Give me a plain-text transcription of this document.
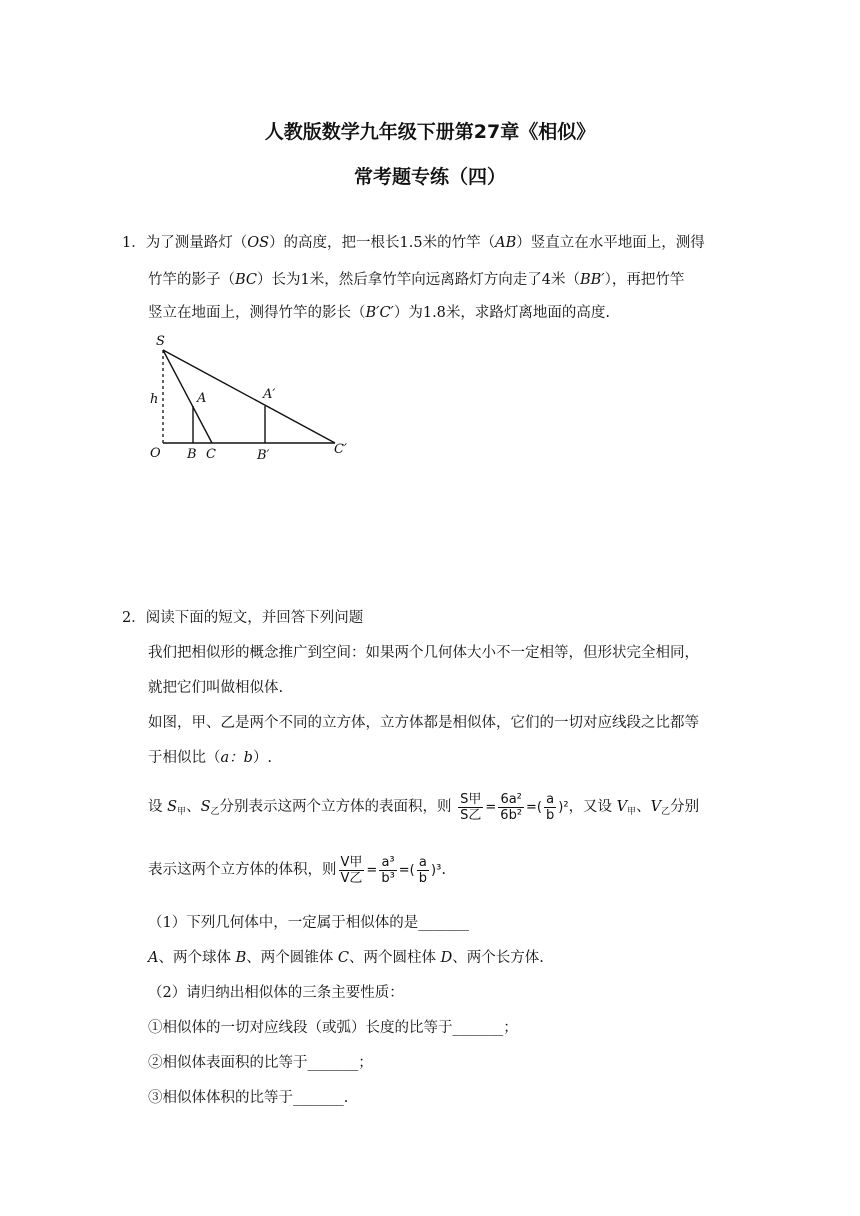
人教版数学九年级下册第27章《相似》
常考题专练（四）
1．为了测量路灯（OS）的高度，把一根长1.5米的竹竿（AB）竖直立在水平地面上，测得
竹竿的影子（BC）长为1米，然后拿竹竿向远离路灯方向走了4米（BB′），再把竹竿
竖立在地面上，测得竹竿的影长（B′C′）为1.8米，求路灯离地面的高度.
S
h	A	A′
O B C	B′	C′
2．阅读下面的短文，并回答下列问题
我们把相似形的概念推广到空间：如果两个几何体大小不一定相等，但形状完全相同，
就把它们叫做相似体.
如图，甲、乙是两个不同的立方体，立方体都是相似体，它们的一切对应线段之比都等
于相似比（a：b）.
设 $S_甲$、$S_乙$分别表示这两个立方体的表面积，则 $\frac{\text{S甲}}{\text{S乙}} = \frac{\text{6a²}}{\text{6b²}}$ =( $\frac{a}{b} )^2$，又设 $V_甲$、$V_乙$分别
表示这两个立方体的体积，则 $\frac{\text{V甲}}{\text{V乙}} = \frac{\text{a³}}{\text{b³}}$ =( $\frac{a}{b} )^3$.
（1）下列几何体中，一定属于相似体的是_______
A、两个球体 B、两个圆锥体 C、两个圆柱体 D、两个长方体.
（2）请归纳出相似体的三条主要性质：
①相似体的一切对应线段（或弧）长度的比等于_______；
②相似体表面积的比等于_______；
③相似体体积的比等于_______.
